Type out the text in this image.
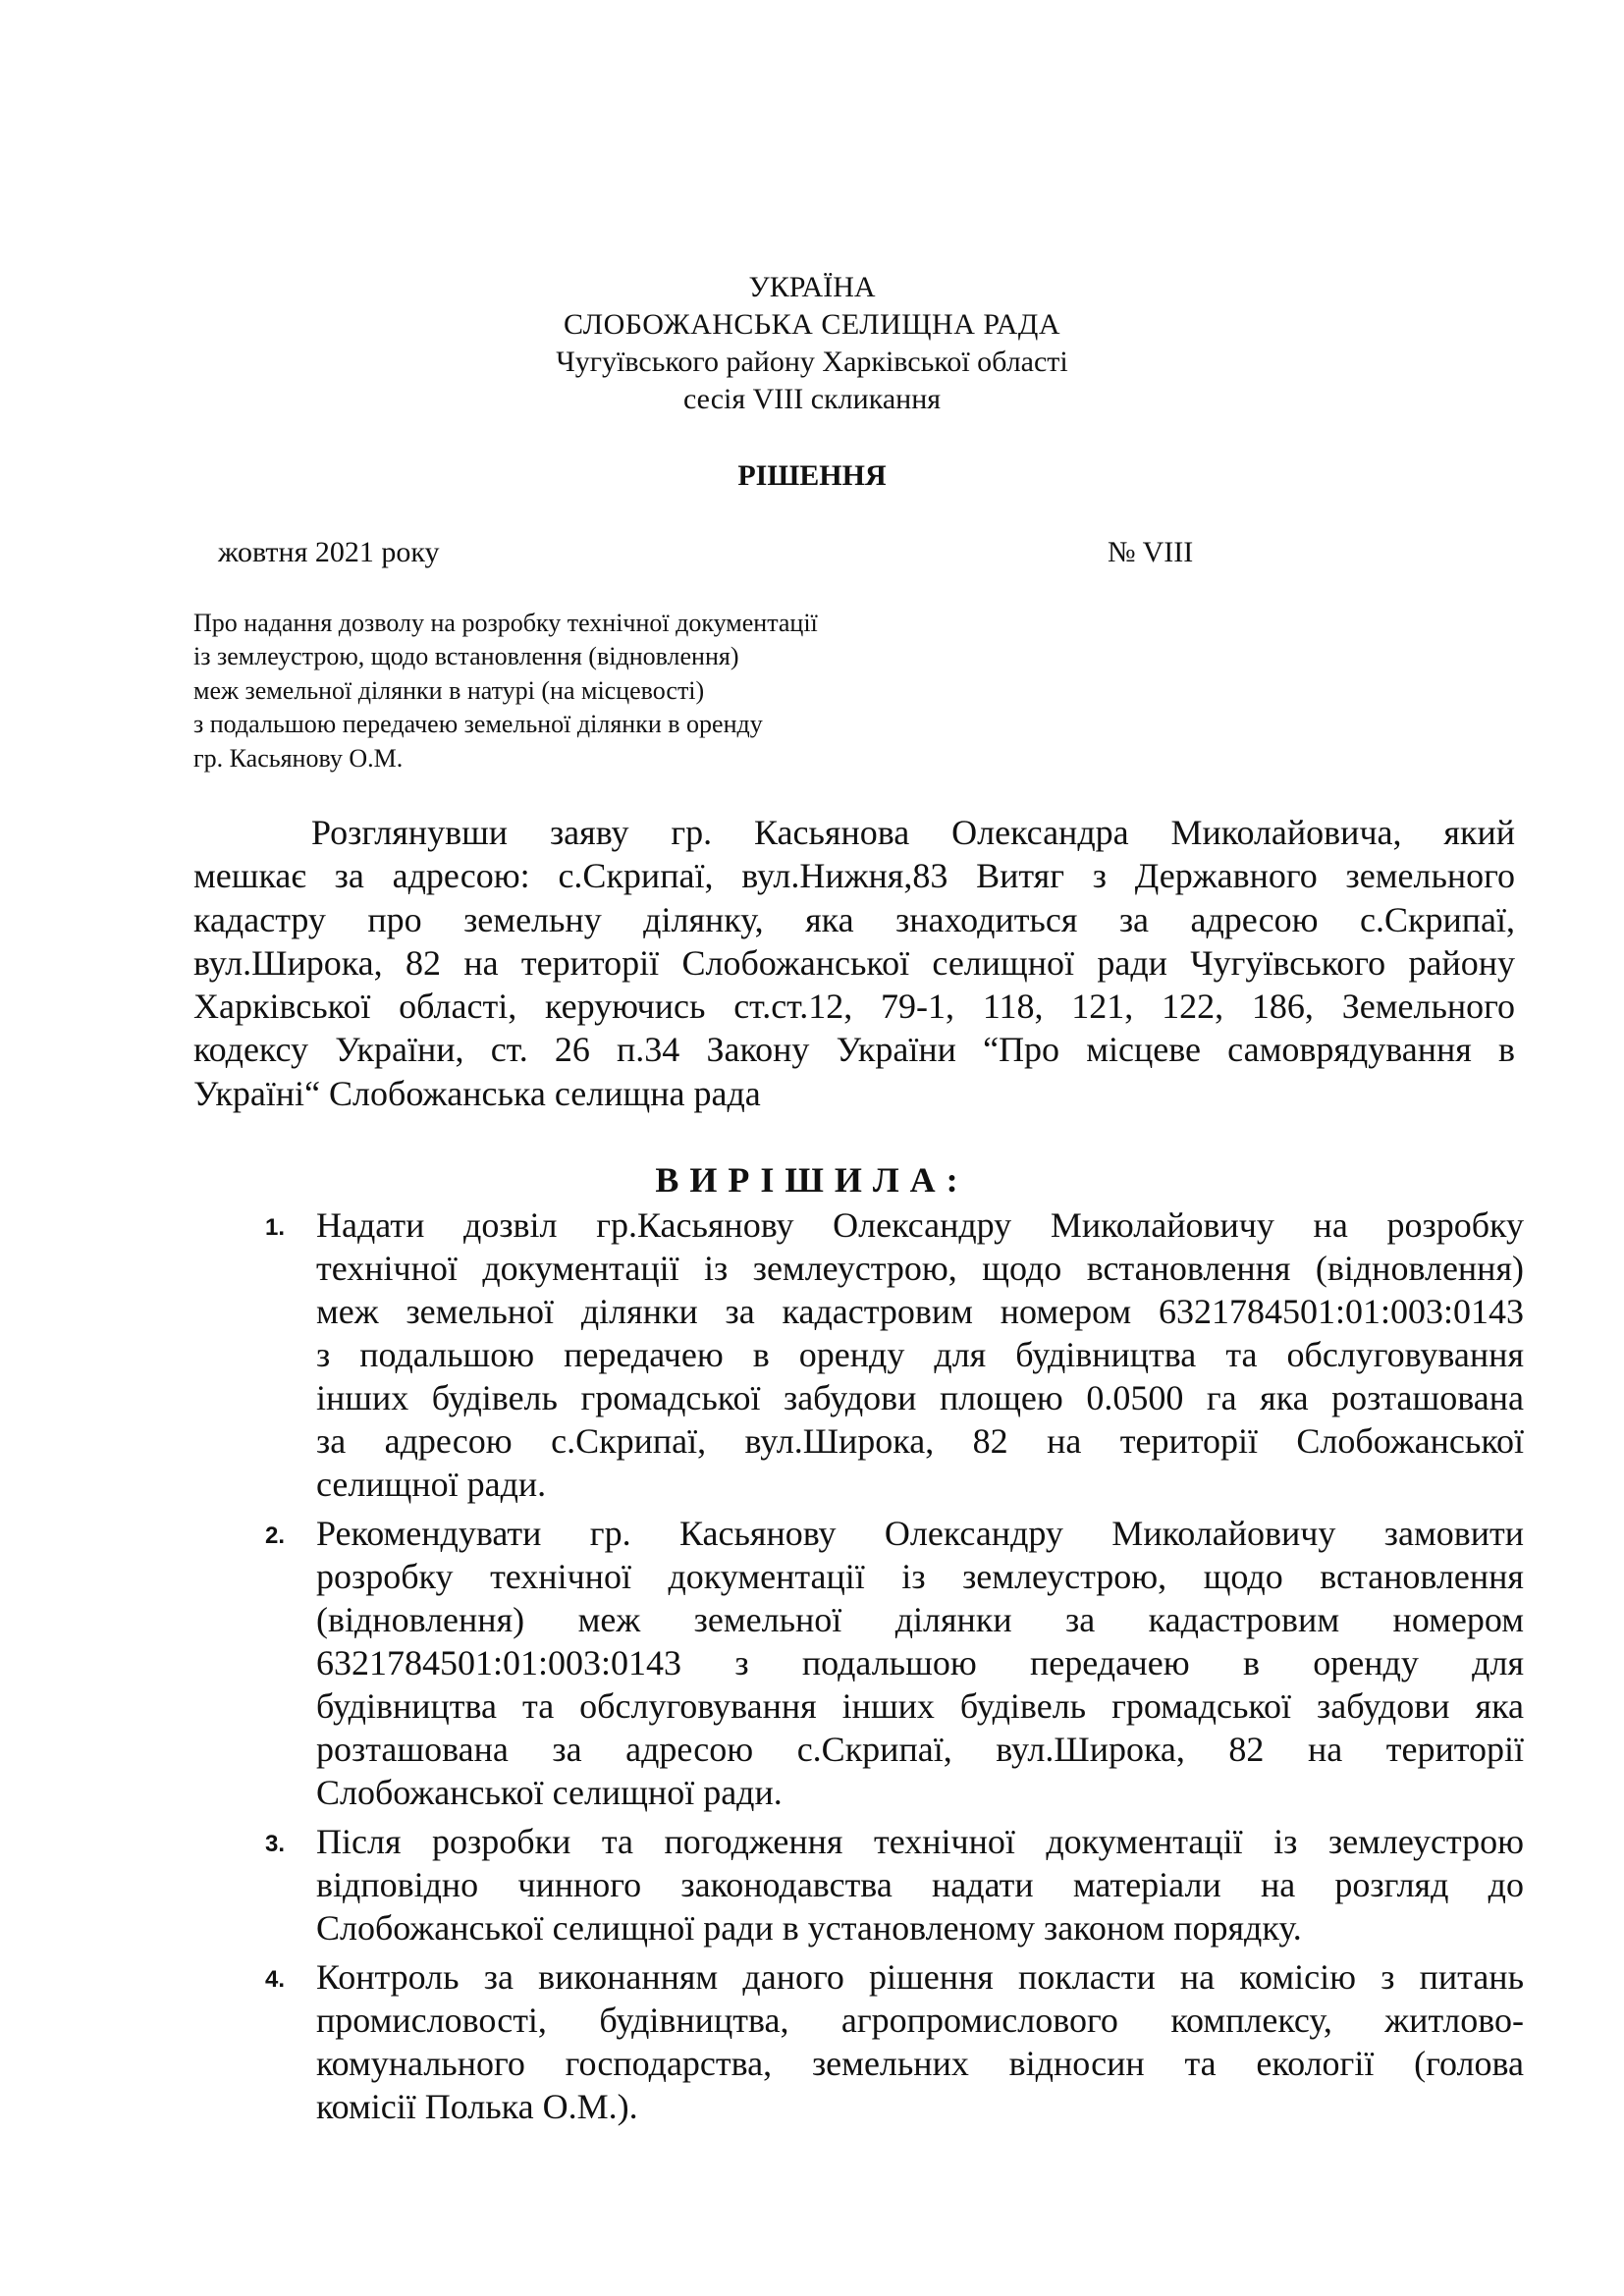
УКРАЇНА
СЛОБОЖАНСЬКА СЕЛИЩНА РАДА
Чугуївського району Харківської області
сесія VIII скликання
РІШЕННЯ
жовтня 2021 року	№ VIII
Про надання дозволу на розробку технічної документації
із землеустрою, щодо встановлення (відновлення)
меж земельної ділянки в натурі (на місцевості)
з подальшою передачею земельної ділянки в оренду
гр. Касьянову О.М.
Розглянувши заяву гр. Касьянова Олександра Миколайовича, який
мешкає за адресою: с.Скрипаї, вул.Нижня,83 Витяг з Державного земельного
кадастру про земельну ділянку, яка знаходиться за адресою с.Скрипаї,
вул.Широка, 82 на території Слобожанської селищної ради Чугуївського району
Харківської області, керуючись ст.ст.12, 79-1, 118, 121, 122, 186, Земельного
кодексу України, ст. 26 п.34 Закону України “Про місцеве самоврядування в
Україні“ Слобожанська селищна рада
ВИРІШИЛА:
1. Надати дозвіл гр.Касьянову Олександру Миколайовичу на розробку
технічної документації із землеустрою, щодо встановлення (відновлення)
меж земельної ділянки за кадастровим номером 6321784501:01:003:0143
з подальшою передачею в оренду для будівництва та обслуговування
інших будівель громадської забудови площею 0.0500 га яка розташована
за адресою с.Скрипаї, вул.Широка, 82 на території Слобожанської
селищної ради.
2. Рекомендувати гр. Касьянову Олександру Миколайовичу замовити
розробку технічної документації із землеустрою, щодо встановлення
(відновлення) меж земельної ділянки за кадастровим номером
6321784501:01:003:0143 з подальшою передачею в оренду для
будівництва та обслуговування інших будівель громадської забудови яка
розташована за адресою с.Скрипаї, вул.Широка, 82 на території
Слобожанської селищної ради.
3. Після розробки та погодження технічної документації із землеустрою
відповідно чинного законодавства надати матеріали на розгляд до
Слобожанської селищної ради в установленому законом порядку.
4. Контроль за виконанням даного рішення покласти на комісію з питань
промисловості, будівництва, агропромислового комплексу, житлово-
комунального господарства, земельних відносин та екології (голова
комісії Полька О.М.).
